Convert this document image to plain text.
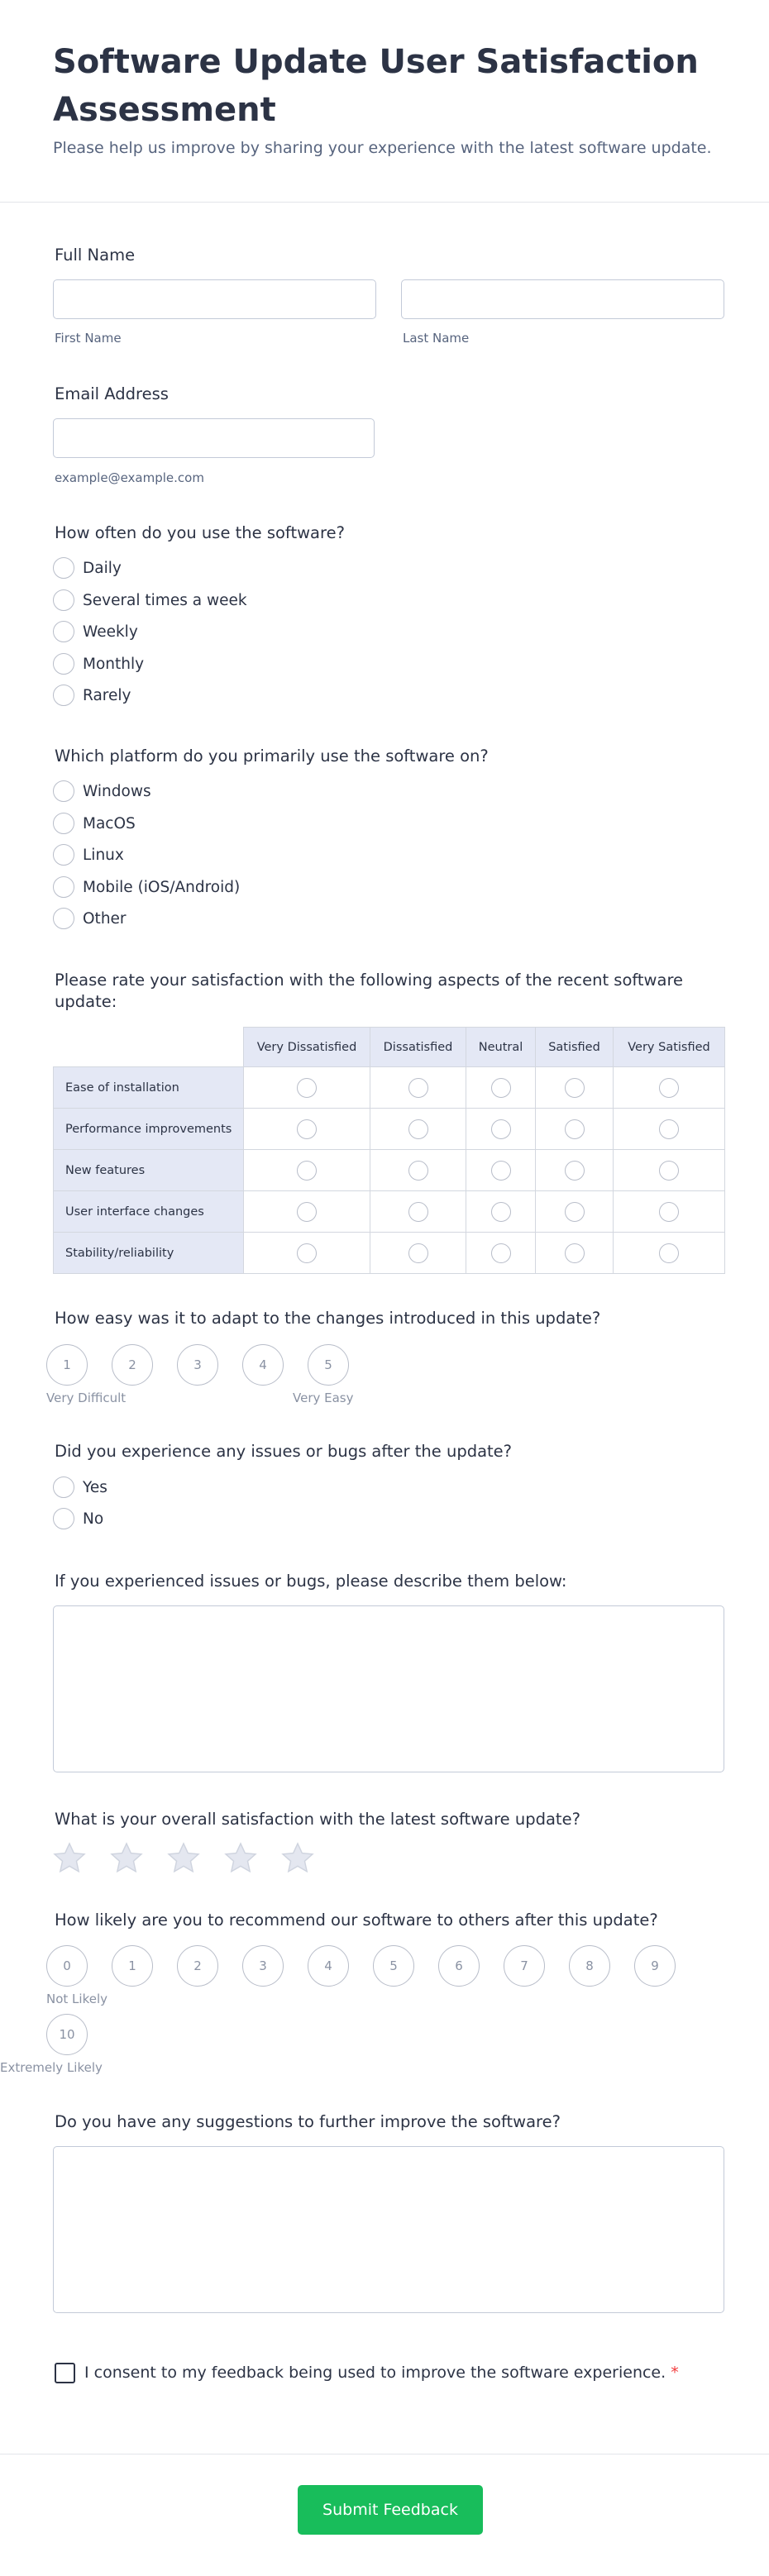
Software Update User Satisfaction Assessment
Please help us improve by sharing your experience with the latest software update.
Full Name
First Name	Last Name
Email Address
example@example.com
How often do you use the software?
Daily
Several times a week
Weekly
Monthly
Rarely
Which platform do you primarily use the software on?
Windows
MacOS
Linux
Mobile (iOS/Android)
Other
Please rate your satisfaction with the following aspects of the recent software update:
	Very Dissatisfied	Dissatisfied	Neutral	Satisfied	Very Satisfied
Ease of installation					
Performance improvements					
New features					
User interface changes					
Stability/reliability					
How easy was it to adapt to the changes introduced in this update?
1	2	3	4	5
Very Difficult	Very Easy
Did you experience any issues or bugs after the update?
Yes
No
If you experienced issues or bugs, please describe them below:
What is your overall satisfaction with the latest software update?
How likely are you to recommend our software to others after this update?
0	1	2	3	4	5	6	7	8	9
Not Likely
10
Extremely Likely
Do you have any suggestions to further improve the software?
I consent to my feedback being used to improve the software experience. *
Submit Feedback
